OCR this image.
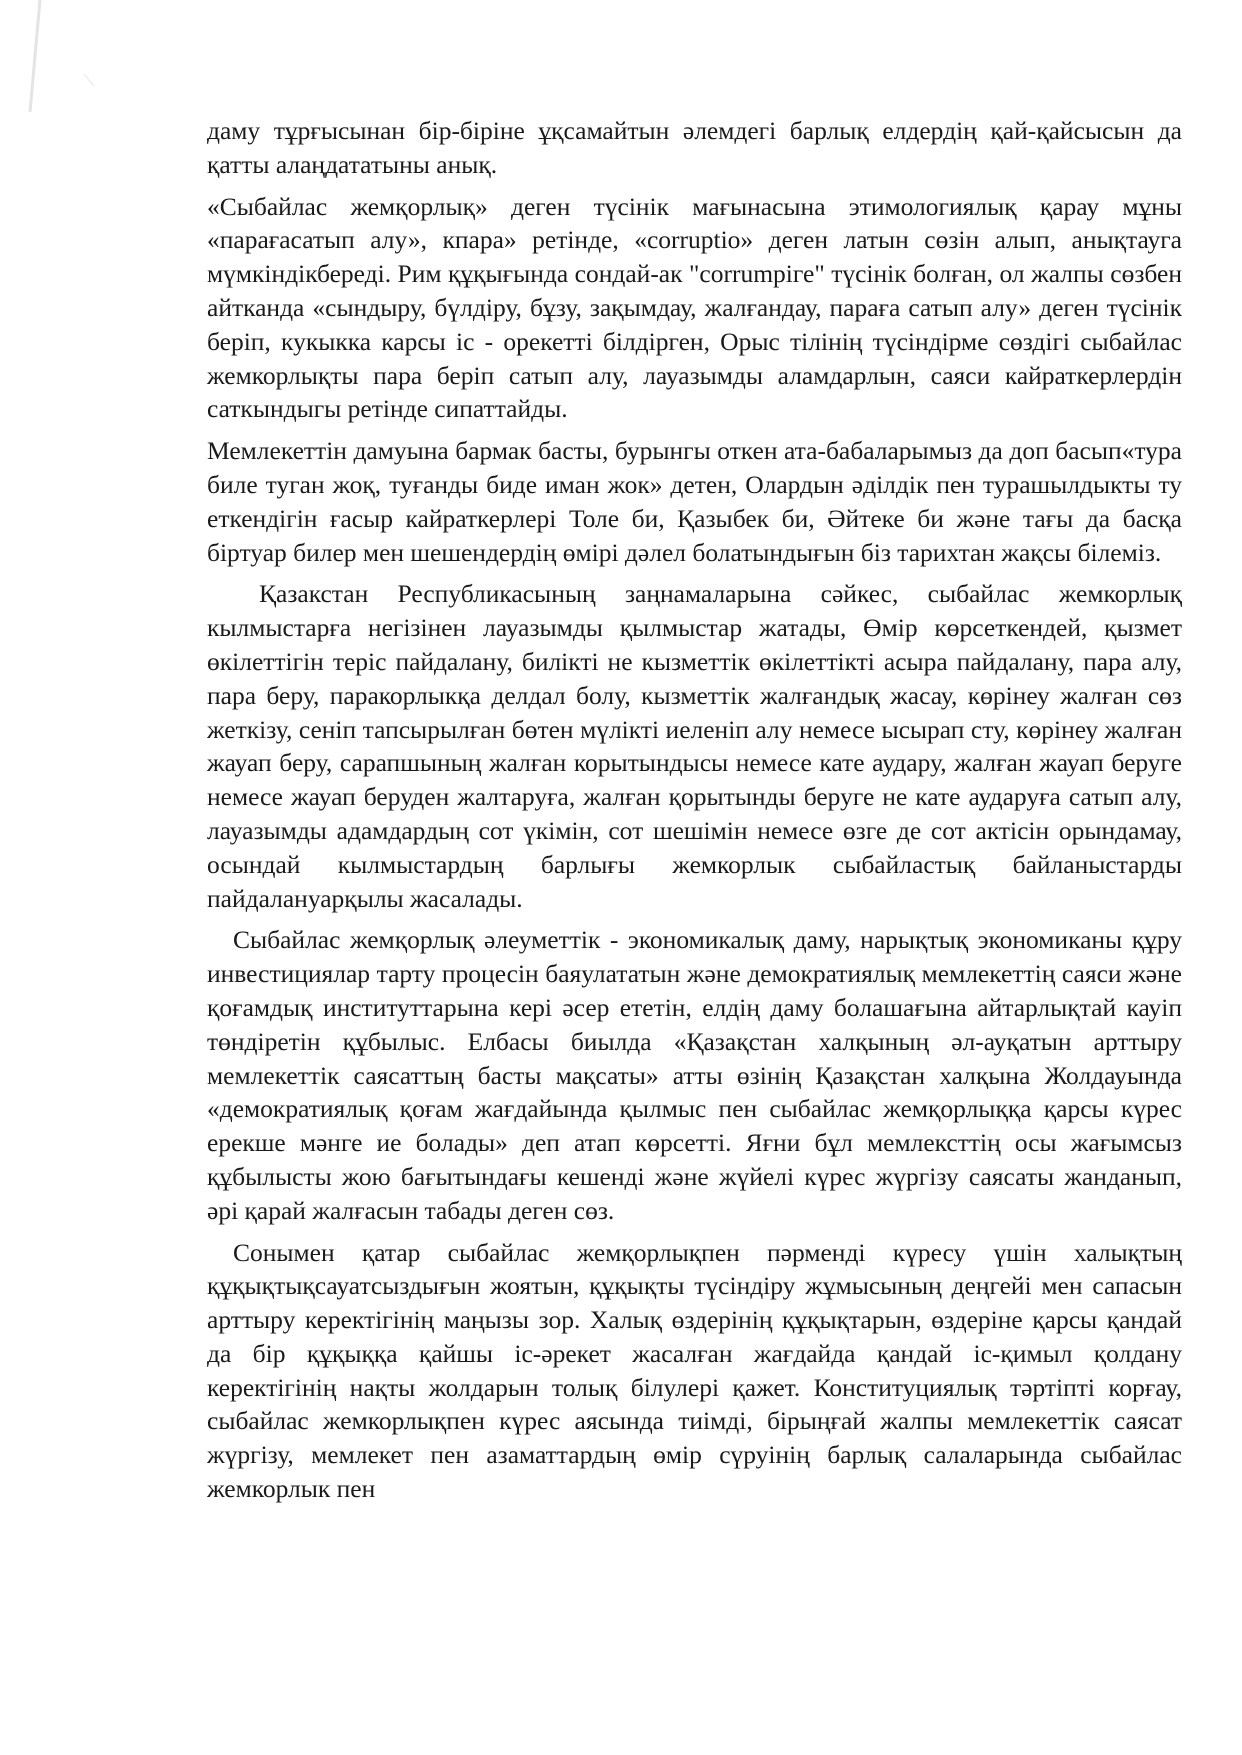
даму тұрғысынан бір-біріне ұқсамайтын әлемдегі барлық елдердің қай-қайсысын да қатты алаңдататыны анық.

«Сыбайлас жемқорлық» деген түсінік мағынасына этимологиялық қарау мұны «парағасатып алу», кпара» ретінде, «corruptio» деген латын сөзін алып, анықтауга мүмкіндікбереді. Рим құқығында сондай-ак "corrumpiге" түсінік болған, ол жалпы сөзбен айтканда «сындыру, бүлдіру, бұзу, зақымдау, жалғандау, параға сатып алу» деген түсінік беріп, кукыкка карсы іс - орекетті білдірген, Орыс тілінің түсіндірме сөздігі сыбайлас жемкорлықты пара беріп сатып алу, лауазымды аламдарлын, саяси кайраткерлердін саткындыгы ретінде сипаттайды.

Мемлекеттін дамуына бармак басты, бурынгы откен ата-бабаларымыз да доп басып«тура биле туган жоқ, туғанды биде иман жок» детен, Олардын әділдік пен турашылдыкты ту еткендігін ғасыр кайраткерлері Толе би, Қазыбек би, Әйтеке би және тағы да басқа біртуар билер мен шешендердің өмірі дәлел болатындығын біз тарихтан жақсы білеміз.

Қазакстан Республикасының заңнамаларына сәйкес, сыбайлас жемкорлық кылмыстарға негізінен лауазымды қылмыстар жатады, Өмір көрсеткендей, қызмет өкілеттігін теріс пайдалану, билікті не кызметтік өкілеттікті асыра пайдалану, пара алу, пара беру, паракорлыкқа делдал болу, кызметтік жалғандық жасау, көрінеу жалған сөз жеткізу, сеніп тапсырылған бөтен мүлікті иеленіп алу немесе ысырап сту, көрінеу жалған жауап беру, сарапшының жалған корытындысы немесе кате аудару, жалған жауап беруге немесе жауап беруден жалтаруға, жалған қорытынды беруге не кате аударуға сатып алу, лауазымды адамдардың сот үкімін, сот шешімін немесе өзге де сот актісін орындамау, осындай кылмыстардың барлығы жемкорлык сыбайластық байланыстарды пайдалануарқылы жасалады.

Сыбайлас жемқорлық әлеуметтік - экономикалық даму, нарықтық экономиканы құру инвестициялар тарту процесін баяулататын және демократиялық мемлекеттің саяси және қоғамдық институттарына кері әсер ететін, елдің даму болашағына айтарлықтай кауіп төндіретін құбылыс. Елбасы биылда «Қазақстан халқының әл-ауқатын арттыру мемлекеттік саясаттың басты мақсаты» атты өзінің Қазақстан халқына Жолдауында «демократиялық қоғам жағдайында қылмыс пен сыбайлас жемқорлыққа қарсы күрес ерекше мәнге ие болады» деп атап көрсетті. Яғни бұл мемлексттің осы жағымсыз құбылысты жою бағытындағы кешенді және жүйелі күрес жүргізу саясаты жанданып, әрі қарай жалғасын табады деген сөз.

Сонымен қатар сыбайлас жемқорлықпен пәрменді күресу үшін халықтың құқықтықсауатсыздығын жоятын, құқықты түсіндіру жұмысының деңгейі мен сапасын арттыру керектігінің маңызы зор. Халық өздерінің құқықтарын, өздеріне қарсы қандай да бір құқыққа қайшы іс-әрекет жасалған жағдайда қандай іс-қимыл қолдану керектігінің нақты жолдарын толық білулері қажет. Конституциялық тәртіпті корғау, сыбайлас жемкорлықпен күрес аясында тиімді, бірыңғай жалпы мемлекеттік саясат жүргізу, мемлекет пен азаматтардың өмір сүруінің барлық салаларында сыбайлас жемкорлык пен
